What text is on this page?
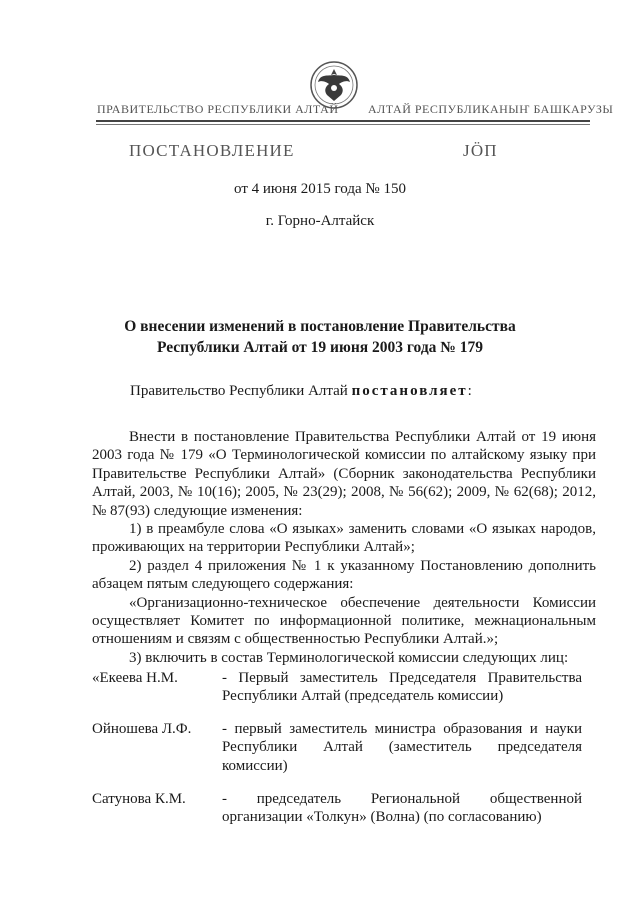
ПРАВИТЕЛЬСТВО РЕСПУБЛИКИ АЛТАЙ АЛТАЙ РЕСПУБЛИКАНЫҤ БАШКАРУЗЫ
ПОСТАНОВЛЕНИЕ	ЈÖП
от 4 июня 2015 года № 150
г. Горно-Алтайск
О внесении изменений в постановление Правительства
Республики Алтай от 19 июня 2003 года № 179
Правительство Республики Алтай постановляет:

Внести в постановление Правительства Республики Алтай от 19 июня 2003 года № 179 «О Терминологической комиссии по алтайскому языку при Правительстве Республики Алтай» (Сборник законодательства Республики Алтай, 2003, № 10(16); 2005, № 23(29); 2008, № 56(62); 2009, № 62(68); 2012, № 87(93) следующие изменения:

1) в преамбуле слова «О языках» заменить словами «О языках народов, проживающих на территории Республики Алтай»;

2) раздел 4 приложения № 1 к указанному Постановлению дополнить абзацем пятым следующего содержания:

«Организационно-техническое обеспечение деятельности Комиссии осуществляет Комитет по информационной политике, межнациональным отношениям и связям с общественностью Республики Алтай.»;

3) включить в состав Терминологической комиссии следующих лиц:

«Екеева Н.М.	- Первый заместитель Председателя Правительства Республики Алтай (председатель комиссии)
Ойношева Л.Ф.	- первый заместитель министра образования и науки Республики Алтай (заместитель председателя комиссии)
Сатунова К.М.	- председатель Региональной общественной организации «Толкун» (Волна) (по согласованию)
